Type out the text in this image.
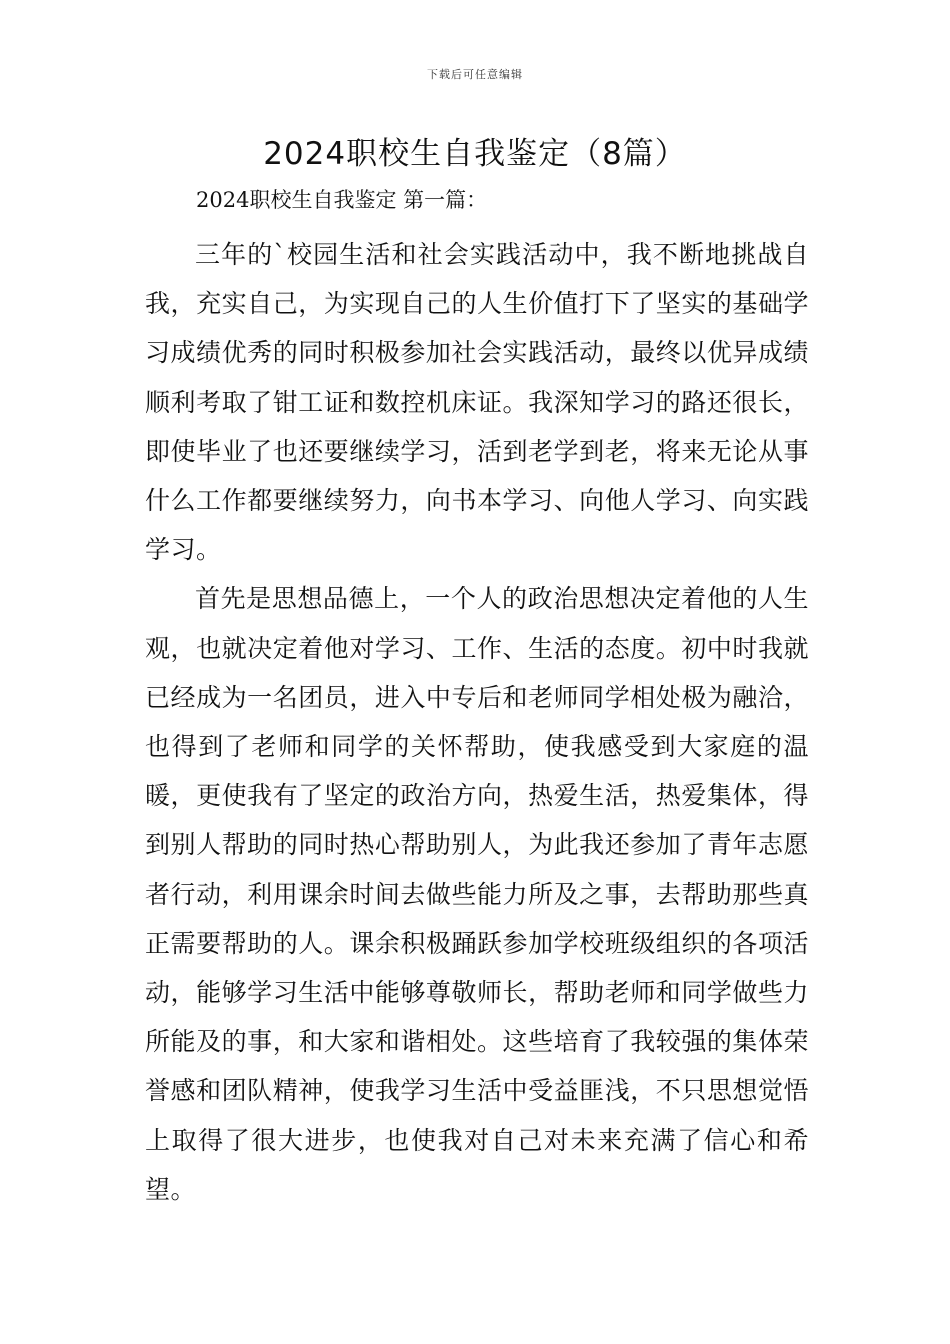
下载后可任意编辑
2024职校生自我鉴定（8篇）
2024职校生自我鉴定 第一篇：

三年的`校园生活和社会实践活动中，我不断地挑战自我，充实自己，为实现自己的人生价值打下了坚实的基础学习成绩优秀的同时积极参加社会实践活动，最终以优异成绩顺利考取了钳工证和数控机床证。我深知学习的路还很长，即使毕业了也还要继续学习，活到老学到老，将来无论从事什么工作都要继续努力，向书本学习、向他人学习、向实践学习。

首先是思想品德上，一个人的政治思想决定着他的人生观，也就决定着他对学习、工作、生活的态度。初中时我就已经成为一名团员，进入中专后和老师同学相处极为融洽，也得到了老师和同学的关怀帮助，使我感受到大家庭的温暖，更使我有了坚定的政治方向，热爱生活，热爱集体，得到别人帮助的同时热心帮助别人，为此我还参加了青年志愿者行动，利用课余时间去做些能力所及之事，去帮助那些真正需要帮助的人。课余积极踊跃参加学校班级组织的各项活动，能够学习生活中能够尊敬师长，帮助老师和同学做些力所能及的事，和大家和谐相处。这些培育了我较强的集体荣誉感和团队精神，使我学习生活中受益匪浅，不只思想觉悟上取得了很大进步，也使我对自己对未来充满了信心和希望。
